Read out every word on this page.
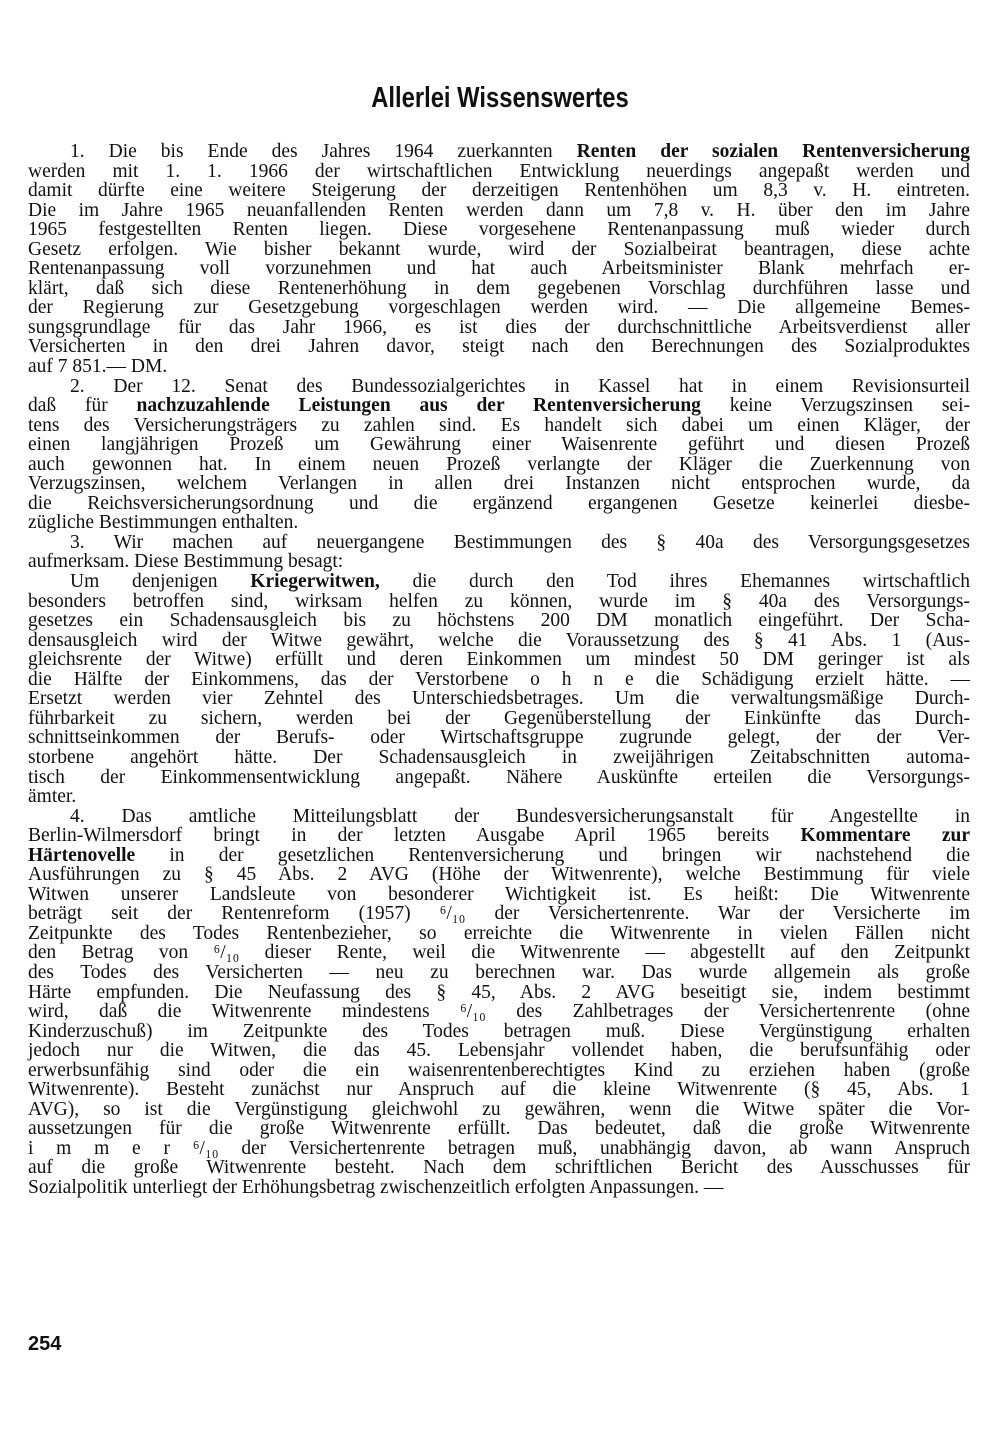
Allerlei Wissenswertes

1. Die bis Ende des Jahres 1964 zuerkannten Renten der sozialen Rentenversicherung

werden mit 1. 1. 1966 der wirtschaftlichen Entwicklung neuerdings angepaßt werden und

damit dürfte eine weitere Steigerung der derzeitigen Rentenhöhen um 8,3 v. H. eintreten.

Die im Jahre 1965 neuanfallenden Renten werden dann um 7,8 v. H. über den im Jahre

1965 festgestellten Renten liegen. Diese vorgesehene Rentenanpassung muß wieder durch

Gesetz erfolgen. Wie bisher bekannt wurde, wird der Sozialbeirat beantragen, diese achte

Rentenanpassung voll vorzunehmen und hat auch Arbeitsminister Blank mehrfach er-

klärt, daß sich diese Rentenerhöhung in dem gegebenen Vorschlag durchführen lasse und

der Regierung zur Gesetzgebung vorgeschlagen werden wird. — Die allgemeine Bemes-

sungsgrundlage für das Jahr 1966, es ist dies der durchschnittliche Arbeitsverdienst aller

Versicherten in den drei Jahren davor, steigt nach den Berechnungen des Sozialproduktes

auf 7 851.— DM.

2. Der 12. Senat des Bundessozialgerichtes in Kassel hat in einem Revisionsurteil

daß für nachzuzahlende Leistungen aus der Rentenversicherung keine Verzugszinsen sei-

tens des Versicherungsträgers zu zahlen sind. Es handelt sich dabei um einen Kläger, der

einen langjährigen Prozeß um Gewährung einer Waisenrente geführt und diesen Prozeß

auch gewonnen hat. In einem neuen Prozeß verlangte der Kläger die Zuerkennung von

Verzugszinsen, welchem Verlangen in allen drei Instanzen nicht entsprochen wurde, da

die Reichsversicherungsordnung und die ergänzend ergangenen Gesetze keinerlei diesbe-

zügliche Bestimmungen enthalten.

3. Wir machen auf neuergangene Bestimmungen des § 40a des Versorgungsgesetzes

aufmerksam. Diese Bestimmung besagt:

Um denjenigen Kriegerwitwen, die durch den Tod ihres Ehemannes wirtschaftlich

besonders betroffen sind, wirksam helfen zu können, wurde im § 40a des Versorgungs-

gesetzes ein Schadensausgleich bis zu höchstens 200 DM monatlich eingeführt. Der Scha-

densausgleich wird der Witwe gewährt, welche die Voraussetzung des § 41 Abs. 1 (Aus-

gleichsrente der Witwe) erfüllt und deren Einkommen um mindest 50 DM geringer ist als

die Hälfte der Einkommens, das der Verstorbene o h n e die Schädigung erzielt hätte. —

Ersetzt werden vier Zehntel des Unterschiedsbetrages. Um die verwaltungsmäßige Durch-

führbarkeit zu sichern, werden bei der Gegenüberstellung der Einkünfte das Durch-

schnittseinkommen der Berufs- oder Wirtschaftsgruppe zugrunde gelegt, der der Ver-

storbene angehört hätte. Der Schadensausgleich in zweijährigen Zeitabschnitten automa-

tisch der Einkommensentwicklung angepaßt. Nähere Auskünfte erteilen die Versorgungs-

ämter.

4. Das amtliche Mitteilungsblatt der Bundesversicherungsanstalt für Angestellte in

Berlin-Wilmersdorf bringt in der letzten Ausgabe April 1965 bereits Kommentare zur

Härtenovelle in der gesetzlichen Rentenversicherung und bringen wir nachstehend die

Ausführungen zu § 45 Abs. 2 AVG (Höhe der Witwenrente), welche Bestimmung für viele

Witwen unserer Landsleute von besonderer Wichtigkeit ist. Es heißt: Die Witwenrente

beträgt seit der Rentenreform (1957) ⁶/₁₀ der Versichertenrente. War der Versicherte im

Zeitpunkte des Todes Rentenbezieher, so erreichte die Witwenrente in vielen Fällen nicht

den Betrag von ⁶/₁₀ dieser Rente, weil die Witwenrente — abgestellt auf den Zeitpunkt

des Todes des Versicherten — neu zu berechnen war. Das wurde allgemein als große

Härte empfunden. Die Neufassung des § 45, Abs. 2 AVG beseitigt sie, indem bestimmt

wird, daß die Witwenrente mindestens ⁶/₁₀ des Zahlbetrages der Versichertenrente (ohne

Kinderzuschuß) im Zeitpunkte des Todes betragen muß. Diese Vergünstigung erhalten

jedoch nur die Witwen, die das 45. Lebensjahr vollendet haben, die berufsunfähig oder

erwerbsunfähig sind oder die ein waisenrentenberechtigtes Kind zu erziehen haben (große

Witwenrente). Besteht zunächst nur Anspruch auf die kleine Witwenrente (§ 45, Abs. 1

AVG), so ist die Vergünstigung gleichwohl zu gewähren, wenn die Witwe später die Vor-

aussetzungen für die große Witwenrente erfüllt. Das bedeutet, daß die große Witwenrente

i m m e r ⁶/₁₀ der Versichertenrente betragen muß, unabhängig davon, ab wann Anspruch

auf die große Witwenrente besteht. Nach dem schriftlichen Bericht des Ausschusses für

Sozialpolitik unterliegt der Erhöhungsbetrag zwischenzeitlich erfolgten Anpassungen. —

254
